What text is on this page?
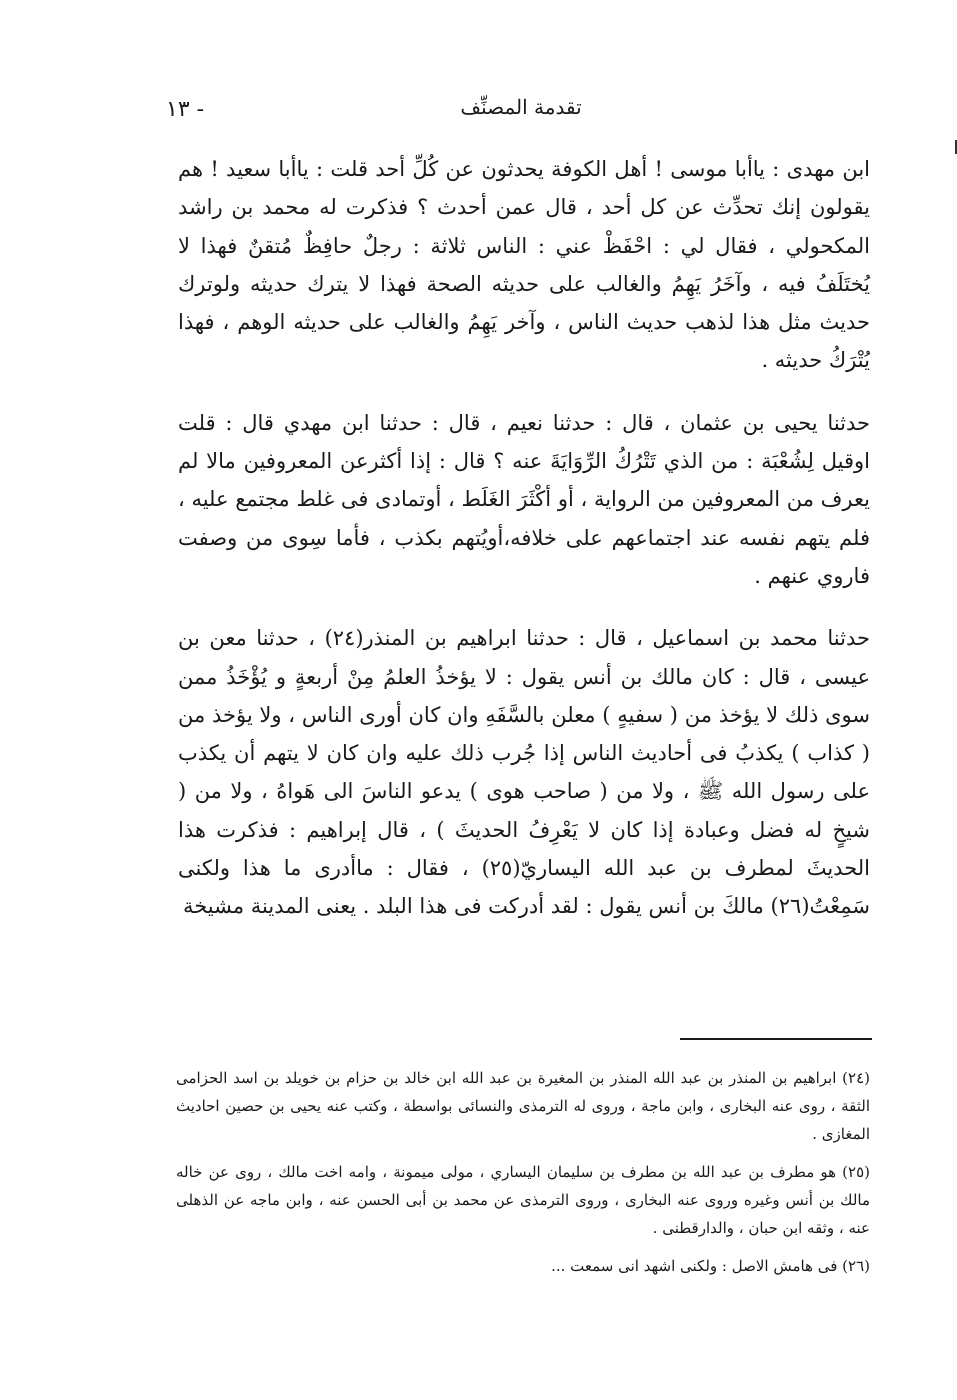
تقدمة المصنِّف
- ١٣

ابن مهدى : ياأبا موسى ! أهل الكوفة يحدثون عن كُلِّ أحد قلت : ياأبا سعيد ! هم يقولون إنك تحدِّث عن كل أحد ، قال عمن أحدث ؟ فذكرت له محمد بن راشد المكحولي ، فقال لي : احْفَظْ عني : الناس ثلاثة : رجلٌ حافِظٌ مُتقنٌ فهذا لا يُختَلَفُ فيه ، وآخَرُ يَهِمُ والغالب على حديثه الصحة فهذا لا يترك حديثه ولوترك حديث مثل هذا لذهب حديث الناس ، وآخر يَهِمُ والغالب على حديثه الوهم ، فهذا يُتْرَكُ حديثه .

حدثنا يحيى بن عثمان ، قال : حدثنا نعيم ، قال : حدثنا ابن مهدي قال : قلت اوقيل لِشُعْبَة : من الذي تَتْرُكُ الرِّوَايَةَ عنه ؟ قال : إذا أكثرعن المعروفين مالا لم يعرف من المعروفين من الرواية ، أو أكْثَرَ الغَلَط ، أوتمادى فى غلط مجتمع عليه ، فلم يتهم نفسه عند اجتماعهم على خلافه،أويُتهم بكذب ، فأما سِوى من وصفت فاروي عنهم .

حدثنا محمد بن اسماعيل ، قال : حدثنا ابراهيم بن المنذر(٢٤) ، حدثنا معن بن عيسى ، قال : كان مالك بن أنس يقول : لا يؤخذُ العلمُ مِنْ أربعةٍ و يُؤْخَذُ ممن سوى ذلك لا يؤخذ من ( سفيهٍ ) معلن بالسَّفَهِ وان كان أورى الناس ، ولا يؤخذ من ( كذاب ) يكذبُ فى أحاديث الناس إذا جُرب ذلك عليه وان كان لا يتهم أن يكذب على رسول الله ﷺ ، ولا من ( صاحب هوى ) يدعو الناسَ الى هَواهُ ، ولا من ( شيخٍ له فضل وعبادة إذا كان لا يَعْرِفُ الحديثَ ) ، قال إبراهيم : فذكرت هذا الحديثَ لمطرف بن عبد الله اليساريّ(٢٥) ، فقال : ماأدرى ما هذا ولكنى سَمِعْتُ(٢٦) مالكَ بن أنس يقول : لقد أدركت فى هذا البلد . يعنى المدينة مشيخة

(٢٤) ابراهيم بن المنذر بن عبد الله المنذر بن المغيرة بن عبد الله ابن خالد بن حزام بن خويلد بن اسد الحزامى الثقة ، روى عنه البخارى ، وابن ماجة ، وروى له الترمذى والنسائى بواسطة ، وكتب عنه يحيى بن حصين احاديث المغازى .

(٢٥) هو مطرف بن عبد الله بن مطرف بن سليمان اليساري ، مولى ميمونة ، وامه اخت مالك ، روى عن خاله مالك بن أنس وغيره وروى عنه البخارى ، وروى الترمذى عن محمد بن أبى الحسن عنه ، وابن ماجه عن الذهلى عنه ، وثقه ابن حبان ، والدارقطنى .

(٢٦) فى هامش الاصل : ولكنى اشهد انى سمعت ...
